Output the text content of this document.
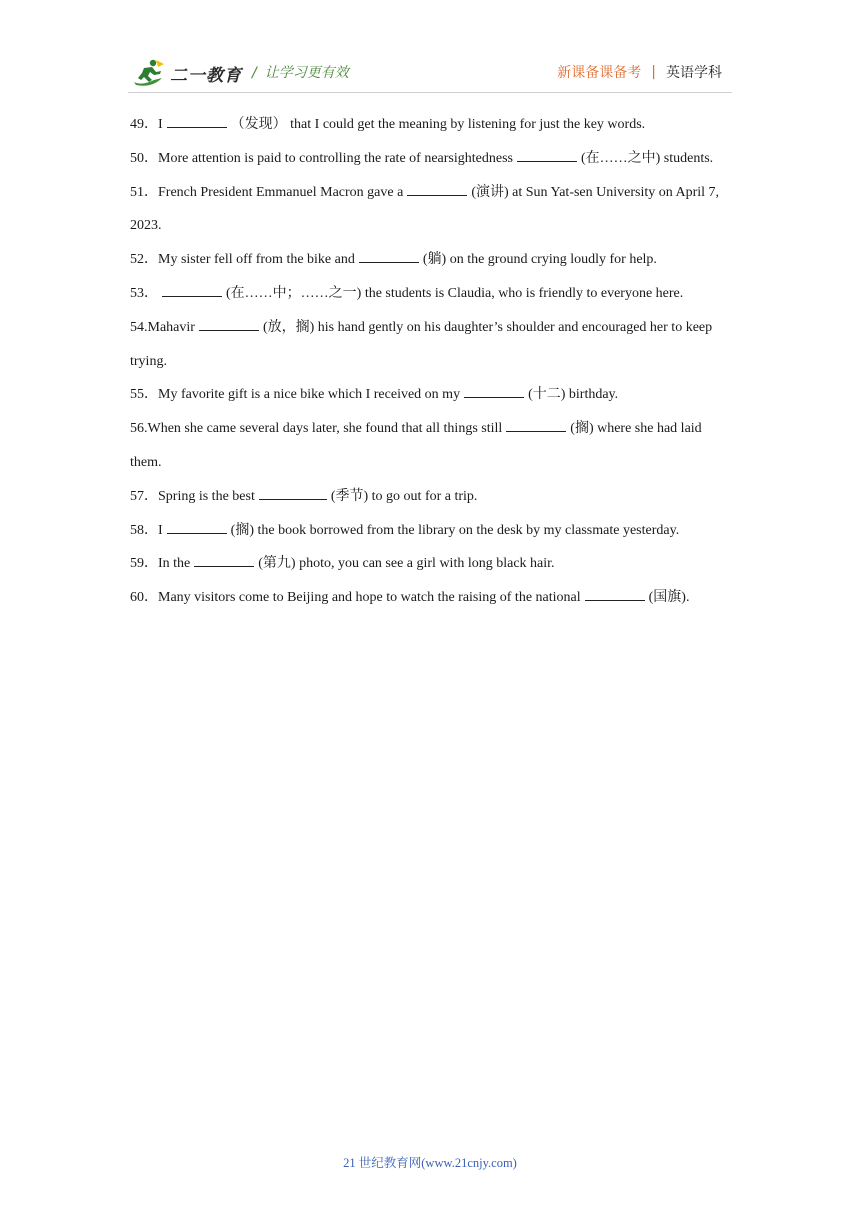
二一教育 / 让学习更有效	新课备课备考 | 英语学科

49．I	（发现） that I could get the meaning by listening for just the key words.

50．More attention is paid to controlling the rate of nearsightedness	(在……之中) students.

51．French President Emmanuel Macron gave a	(演讲) at Sun Yat-sen University on April 7, 2023.

52．My sister fell off from the bike and	(躺) on the ground crying loudly for help.

53．	(在……中；……之一) the students is Claudia, who is friendly to everyone here.

54.Mahavir	(放，搁) his hand gently on his daughter’s shoulder and encouraged her to keep trying.

55．My favorite gift is a nice bike which I received on my	(十二) birthday.

56.When she came several days later, she found that all things still	(搁) where she had laid them.

57．Spring is the best	(季节) to go out for a trip.

58．I	(搁) the book borrowed from the library on the desk by my classmate yesterday.

59．In the	(第九) photo, you can see a girl with long black hair.

60．Many visitors come to Beijing and hope to watch the raising of the national	(国旗).

21 世纪教育网(www.21cnjy.com)
